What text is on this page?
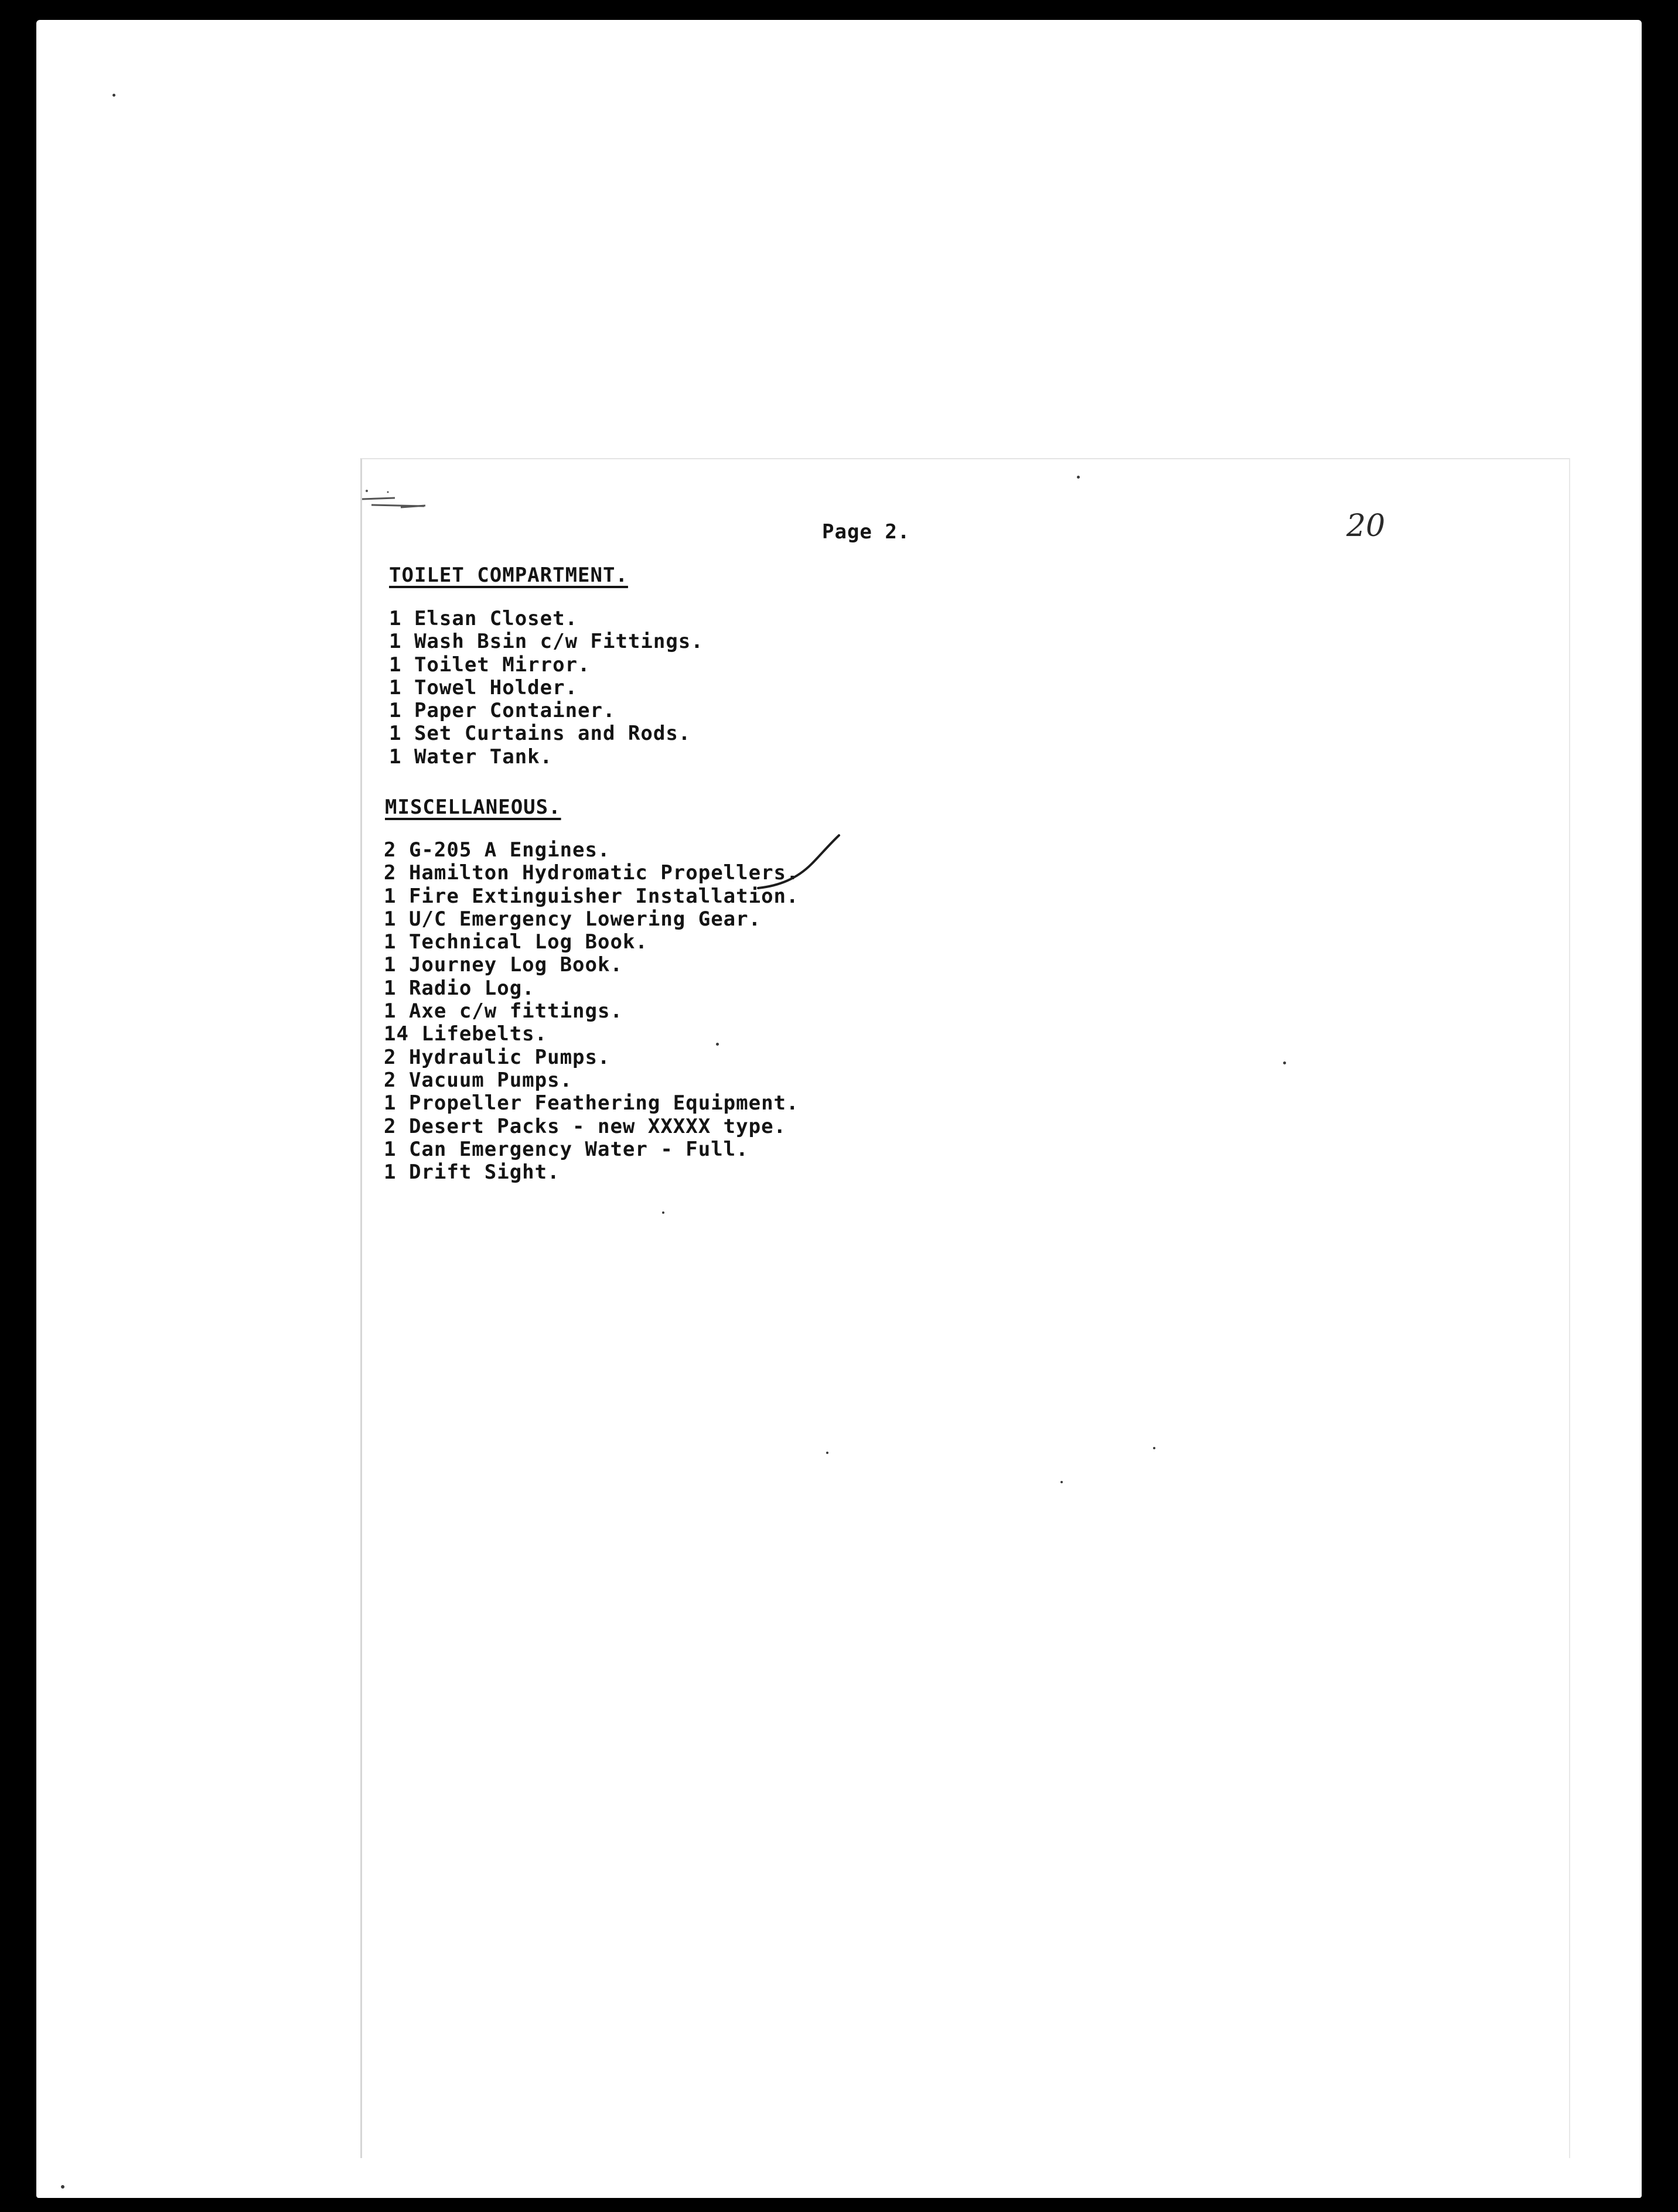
Page 2.	20
TOILET COMPARTMENT.
1 Elsan Closet.
1 Wash Bsin c/w Fittings.
1 Toilet Mirror.
1 Towel Holder.
1 Paper Container.
1 Set Curtains and Rods.
1 Water Tank.
MISCELLANEOUS.
2 G-205 A Engines.
2 Hamilton Hydromatic Propellers.
1 Fire Extinguisher Installation.
1 U/C Emergency Lowering Gear.
1 Technical Log Book.
1 Journey Log Book.
1 Radio Log.
1 Axe c/w fittings.
14 Lifebelts.
2 Hydraulic Pumps.
2 Vacuum Pumps.
1 Propeller Feathering Equipment.
2 Desert Packs - new XXXXX type.
1 Can Emergency Water - Full.
1 Drift Sight.
